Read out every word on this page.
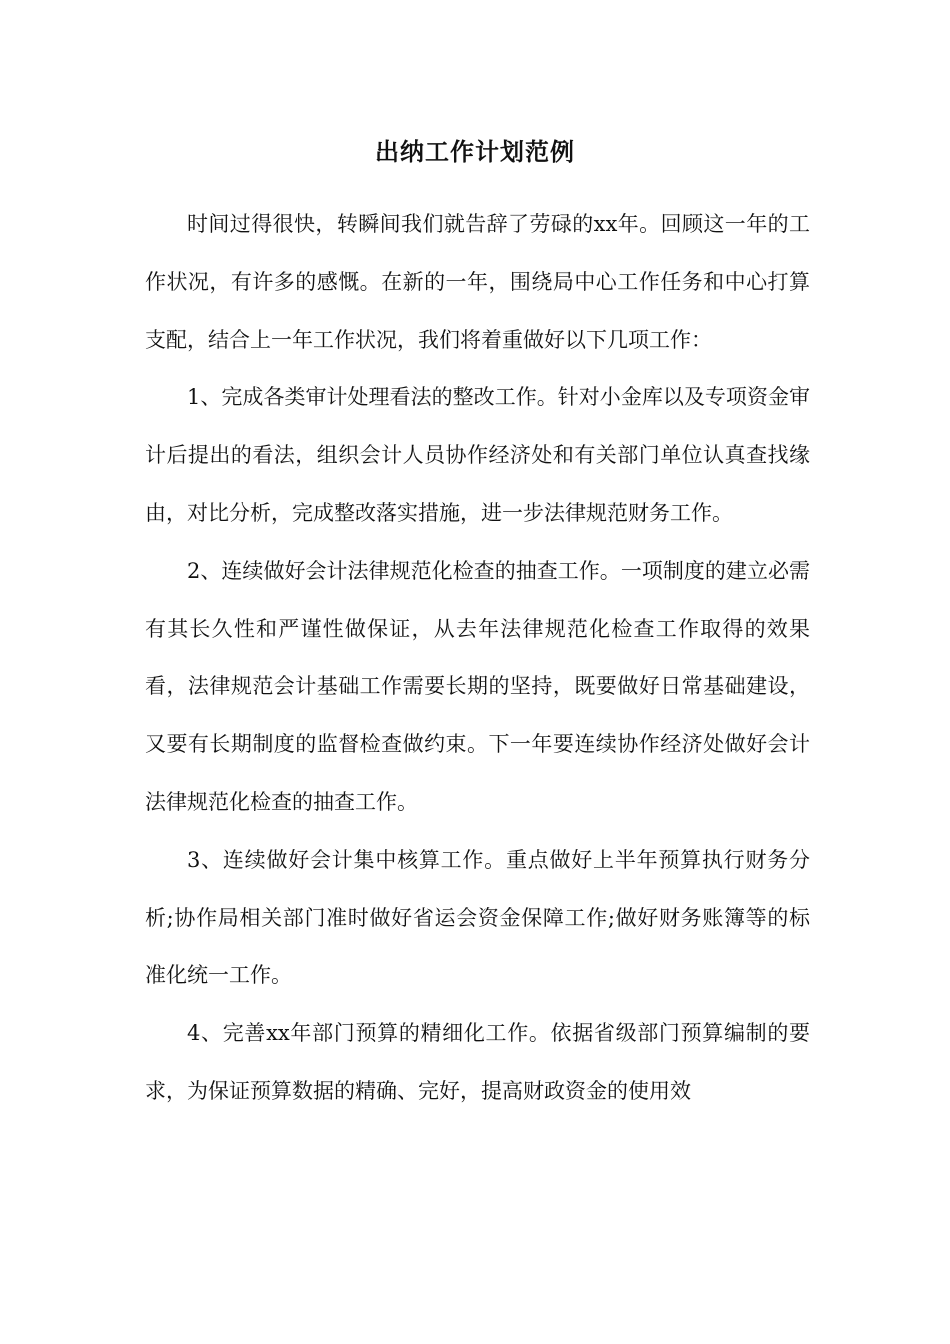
出纳工作计划范例

时间过得很快，转瞬间我们就告辞了劳碌的xx年。回顾这一年的工作状况，有许多的感慨。在新的一年，围绕局中心工作任务和中心打算支配，结合上一年工作状况，我们将着重做好以下几项工作：

1、完成各类审计处理看法的整改工作。针对小金库以及专项资金审计后提出的看法，组织会计人员协作经济处和有关部门单位认真查找缘由，对比分析，完成整改落实措施，进一步法律规范财务工作。

2、连续做好会计法律规范化检查的抽查工作。一项制度的建立必需有其长久性和严谨性做保证，从去年法律规范化检查工作取得的效果看，法律规范会计基础工作需要长期的坚持，既要做好日常基础建设，又要有长期制度的监督检查做约束。下一年要连续协作经济处做好会计法律规范化检查的抽查工作。

3、连续做好会计集中核算工作。重点做好上半年预算执行财务分析;协作局相关部门准时做好省运会资金保障工作;做好财务账簿等的标准化统一工作。

4、完善xx年部门预算的精细化工作。依据省级部门预算编制的要求，为保证预算数据的精确、完好，提高财政资金的使用效
